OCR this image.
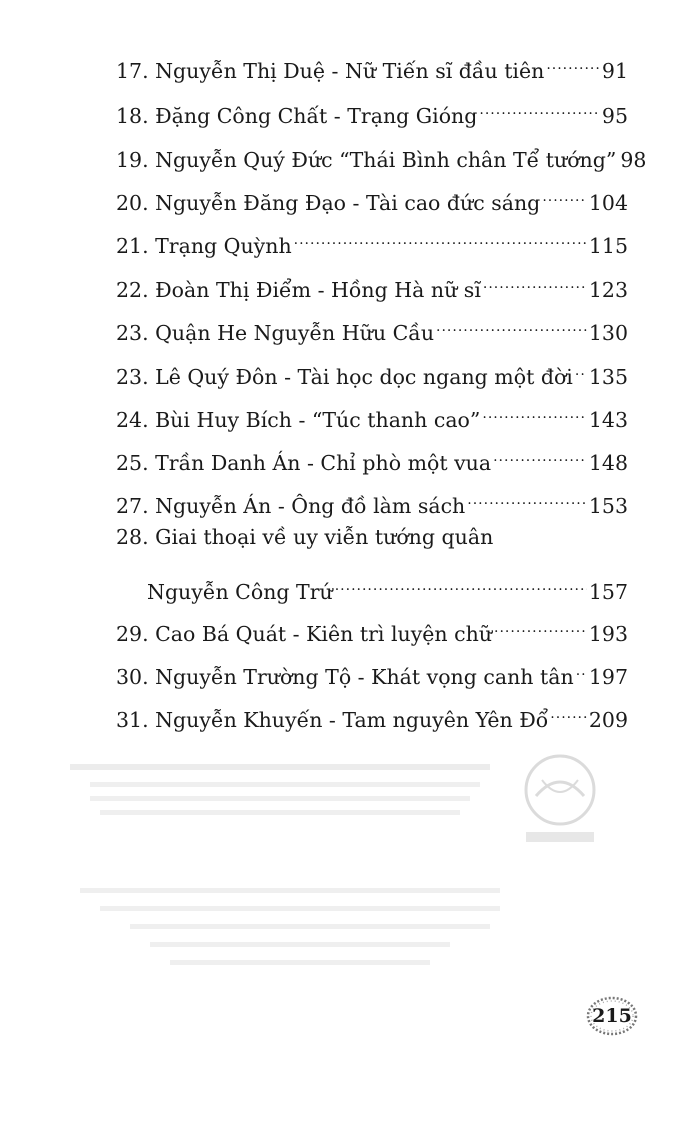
17. Nguyễn Thị Duệ - Nữ Tiến sĩ đầu tiên .....	91
18. Đặng Công Chất - Trạng Gióng .....	95
19. Nguyễn Quý Đức “Thái Bình chân Tể tướng” 98
20. Nguyễn Đăng Đạo - Tài cao đức sáng ..... 104
21. Trạng Quỳnh .....	115
22. Đoàn Thị Điểm - Hồng Hà nữ sĩ .....	123
23. Quận He Nguyễn Hữu Cầu .....	130
23. Lê Quý Đôn - Tài học dọc ngang một đời ..... 135
24. Bùi Huy Bích - “Túc thanh cao” .....	143
25. Trần Danh Án - Chỉ phò một vua .....	148
27. Nguyễn Án - Ông đồ làm sách .....	153
28. Giai thoại về uy viễn tướng quân
Nguyễn Công Trứ .....	157
29. Cao Bá Quát - Kiên trì luyện chữ .....	193
30. Nguyễn Trường Tộ - Khát vọng canh tân ..... 197
31. Nguyễn Khuyến - Tam nguyên Yên Đổ ..... 209
215
